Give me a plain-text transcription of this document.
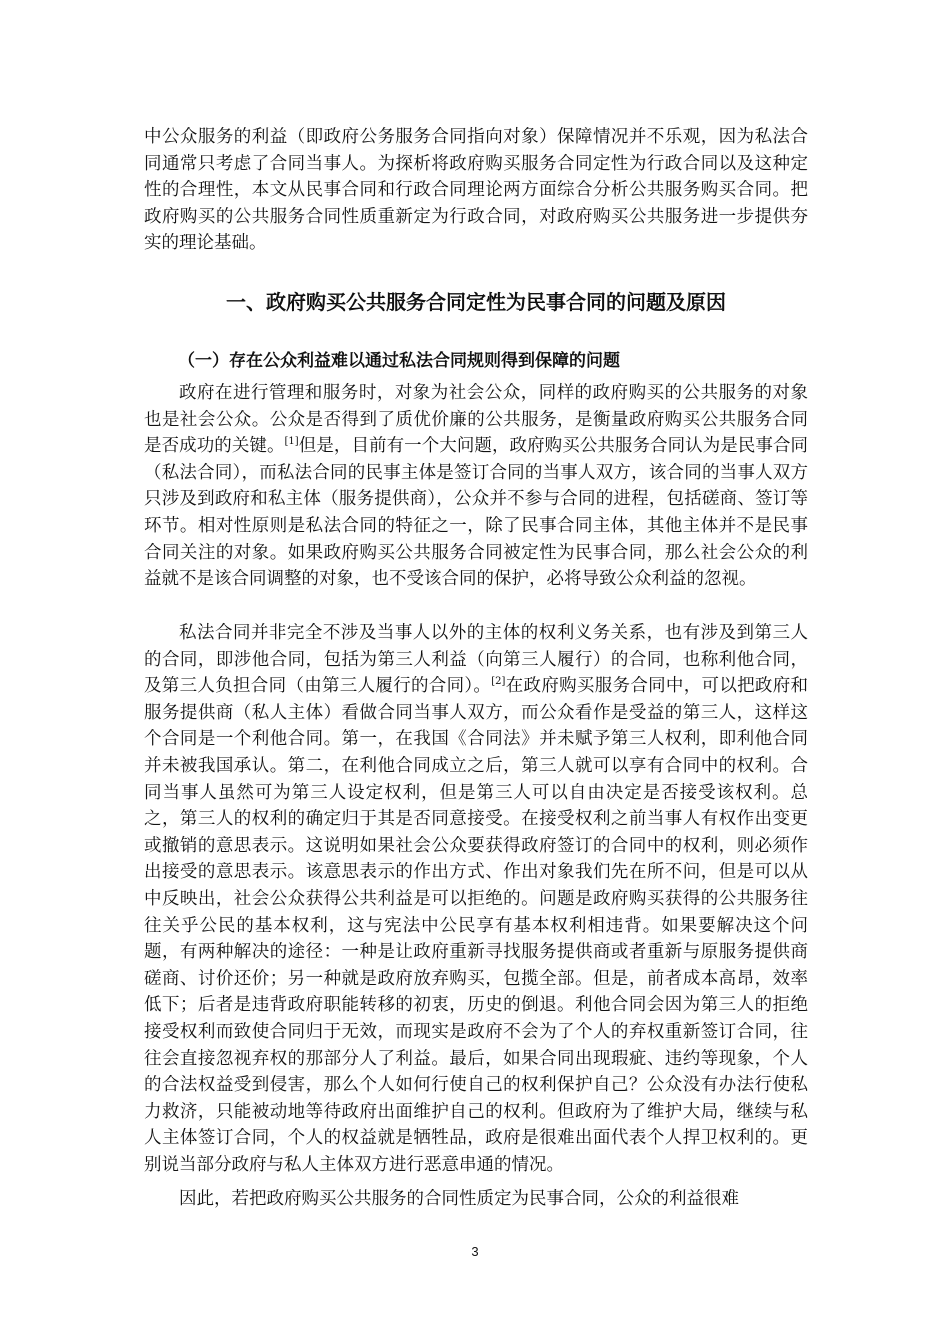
中公众服务的利益（即政府公务服务合同指向对象）保障情况并不乐观，因为私法合同通常只考虑了合同当事人。为探析将政府购买服务合同定性为行政合同以及这种定性的合理性，本文从民事合同和行政合同理论两方面综合分析公共服务购买合同。把政府购买的公共服务合同性质重新定为行政合同，对政府购买公共服务进一步提供夯实的理论基础。

一、政府购买公共服务合同定性为民事合同的问题及原因
（一）存在公众利益难以通过私法合同规则得到保障的问题

政府在进行管理和服务时，对象为社会公众，同样的政府购买的公共服务的对象也是社会公众。公众是否得到了质优价廉的公共服务，是衡量政府购买公共服务合同是否成功的关键。[1]但是，目前有一个大问题，政府购买公共服务合同认为是民事合同（私法合同），而私法合同的民事主体是签订合同的当事人双方，该合同的当事人双方只涉及到政府和私主体（服务提供商），公众并不参与合同的进程，包括磋商、签订等环节。相对性原则是私法合同的特征之一，除了民事合同主体，其他主体并不是民事合同关注的对象。如果政府购买公共服务合同被定性为民事合同，那么社会公众的利益就不是该合同调整的对象，也不受该合同的保护，必将导致公众利益的忽视。

私法合同并非完全不涉及当事人以外的主体的权利义务关系，也有涉及到第三人的合同，即涉他合同，包括为第三人利益（向第三人履行）的合同，也称利他合同，及第三人负担合同（由第三人履行的合同）。[2]在政府购买服务合同中，可以把政府和服务提供商（私人主体）看做合同当事人双方，而公众看作是受益的第三人，这样这个合同是一个利他合同。第一，在我国《合同法》并未赋予第三人权利，即利他合同并未被我国承认。第二，在利他合同成立之后，第三人就可以享有合同中的权利。合同当事人虽然可为第三人设定权利，但是第三人可以自由决定是否接受该权利。总之，第三人的权利的确定归于其是否同意接受。在接受权利之前当事人有权作出变更或撤销的意思表示。这说明如果社会公众要获得政府签订的合同中的权利，则必须作出接受的意思表示。该意思表示的作出方式、作出对象我们先在所不问，但是可以从中反映出，社会公众获得公共利益是可以拒绝的。问题是政府购买获得的公共服务往往关乎公民的基本权利，这与宪法中公民享有基本权利相违背。如果要解决这个问题，有两种解决的途径：一种是让政府重新寻找服务提供商或者重新与原服务提供商磋商、讨价还价；另一种就是政府放弃购买，包揽全部。但是，前者成本高昂，效率低下；后者是违背政府职能转移的初衷，历史的倒退。利他合同会因为第三人的拒绝接受权利而致使合同归于无效，而现实是政府不会为了个人的弃权重新签订合同，往往会直接忽视弃权的那部分人了利益。最后，如果合同出现瑕疵、违约等现象，个人的合法权益受到侵害，那么个人如何行使自己的权利保护自己？公众没有办法行使私力救济，只能被动地等待政府出面维护自己的权利。但政府为了维护大局，继续与私人主体签订合同，个人的权益就是牺牲品，政府是很难出面代表个人捍卫权利的。更别说当部分政府与私人主体双方进行恶意串通的情况。

因此，若把政府购买公共服务的合同性质定为民事合同，公众的利益很难

3
